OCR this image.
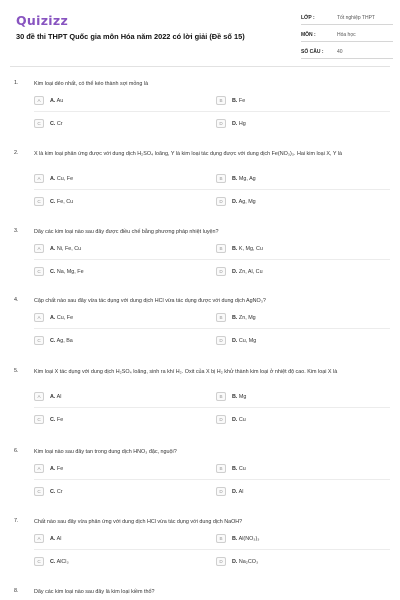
Quizizz
30 đề thi THPT Quốc gia môn Hóa năm 2022 có lời giải (Đề số 15)
LỚP :	Tốt nghiệp THPT
MÔN :	Hóa học
SỐ CÂU :	40
1.	Kim loại dẻo nhất, có thể kéo thành sợi mỏng là
A	A. Au	B	B. Fe
C	C. Cr	D	D. Hg
2.	X là kim loại phản ứng được với dung dịch H₂SO₄ loãng, Y là kim loại tác dụng được với dung dịch Fe(NO₃)₃. Hai kim loại X, Y là
A	A. Cu, Fe	B	B. Mg, Ag
C	C. Fe, Cu	D	D. Ag, Mg
3.	Dãy các kim loại nào sau đây được điều chế bằng phương pháp nhiệt luyện?
A	A. Ni, Fe, Cu	B	B. K, Mg, Cu
C	C. Na, Mg, Fe	D	D. Zn, Al, Cu
4.	Cặp chất nào sau đây vừa tác dụng với dung dịch HCl vừa tác dụng được với dung dịch AgNO₃?
A	A. Cu, Fe	B	B. Zn, Mg
C	C. Ag, Ba	D	D. Cu, Mg
5.	Kim loại X tác dụng với dung dịch H₂SO₄ loãng, sinh ra khí H₂. Oxit của X bị H₂ khử thành kim loại ở nhiệt độ cao. Kim loại X là
A	A. Al	B	B. Mg
C	C. Fe	D	D. Cu
6.	Kim loại nào sau đây tan trong dung dịch HNO₃ đặc, nguội?
A	A. Fe	B	B. Cu
C	C. Cr	D	D. Al
7.	Chất nào sau đây vừa phản ứng với dung dịch HCl vừa tác dụng với dung dịch NaOH?
A	A. Al	B	B. Al(NO₃)₃
C	C. AlCl₃	D	D. Na₂CO₃
8.	Dãy các kim loại nào sau đây là kim loại kiềm thổ?
